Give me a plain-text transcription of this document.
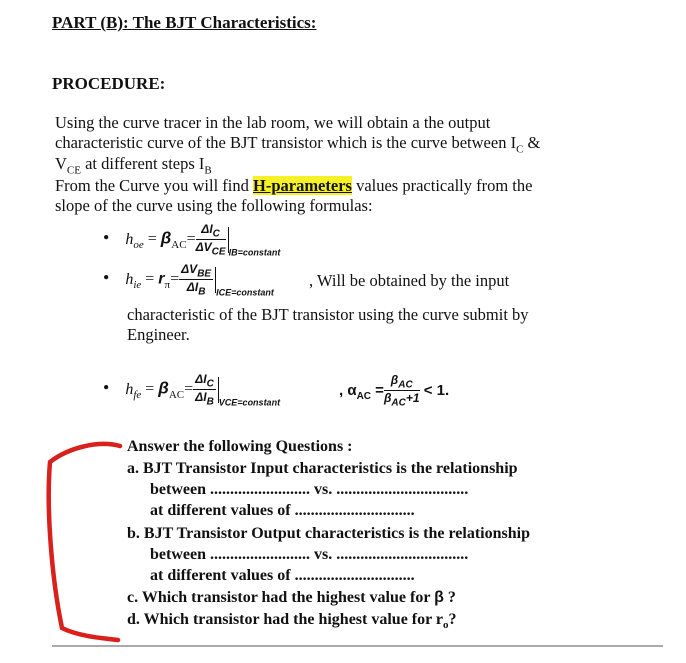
PART (B): The BJT Characteristics:
PROCEDURE:
Using the curve tracer in the lab room, we will obtain a the output
characteristic curve of the BJT transistor which is the curve between $I_C$ &
$V_{CE}$ at different steps $I_B$
From the Curve you will find H-parameters values practically from the
slope of the curve using the following formulas:
• $h_{oe} = \beta_{AC}= \frac{\Delta I_C}{\Delta V_{CE}} _{IB=constant}$
• $h_{ie} = r_\pi= \frac{\Delta V_{BE}}{\Delta I_B} _{ICE=constant}$
, Will be obtained by the input
characteristic of the BJT transistor using the curve submit by
Engineer.
• $h_{fe} = \beta_{AC}= \frac{\Delta I_C}{\Delta I_B} _{VCE=constant}$
, $\alpha_{AC} = \frac{\beta_{AC}}{\beta_{AC}+1} < 1$.
Answer the following Questions :
a. BJT Transistor Input characteristics is the relationship
between ......................... vs. .................................
at different values of ..............................
b. BJT Transistor Output characteristics is the relationship
between ......................... vs. .................................
at different values of ..............................
c. Which transistor had the highest value for β ?
d. Which transistor had the highest value for $r_o$?
